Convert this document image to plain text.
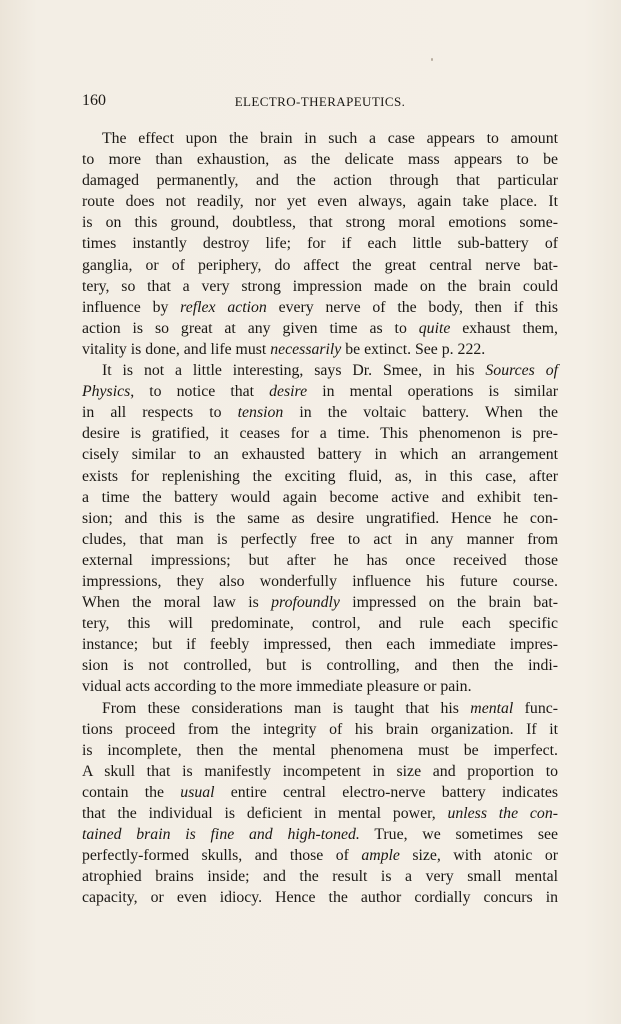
160	ELECTRO-THERAPEUTICS.
The effect upon the brain in such a case appears to amount
to more than exhaustion, as the delicate mass appears to be
damaged permanently, and the action through that particular
route does not readily, nor yet even always, again take place. It
is on this ground, doubtless, that strong moral emotions some-
times instantly destroy life; for if each little sub-battery of
ganglia, or of periphery, do affect the great central nerve bat-
tery, so that a very strong impression made on the brain could
influence by reflex action every nerve of the body, then if this
action is so great at any given time as to quite exhaust them,
vitality is done, and life must necessarily be extinct. See p. 222.
It is not a little interesting, says Dr. Smee, in his Sources of
Physics, to notice that desire in mental operations is similar
in all respects to tension in the voltaic battery. When the
desire is gratified, it ceases for a time. This phenomenon is pre-
cisely similar to an exhausted battery in which an arrangement
exists for replenishing the exciting fluid, as, in this case, after
a time the battery would again become active and exhibit ten-
sion; and this is the same as desire ungratified. Hence he con-
cludes, that man is perfectly free to act in any manner from
external impressions; but after he has once received those
impressions, they also wonderfully influence his future course.
When the moral law is profoundly impressed on the brain bat-
tery, this will predominate, control, and rule each specific
instance; but if feebly impressed, then each immediate impres-
sion is not controlled, but is controlling, and then the indi-
vidual acts according to the more immediate pleasure or pain.
From these considerations man is taught that his mental func-
tions proceed from the integrity of his brain organization. If it
is incomplete, then the mental phenomena must be imperfect.
A skull that is manifestly incompetent in size and proportion to
contain the usual entire central electro-nerve battery indicates
that the individual is deficient in mental power, unless the con-
tained brain is fine and high-toned. True, we sometimes see
perfectly-formed skulls, and those of ample size, with atonic or
atrophied brains inside; and the result is a very small mental
capacity, or even idiocy. Hence the author cordially concurs in
